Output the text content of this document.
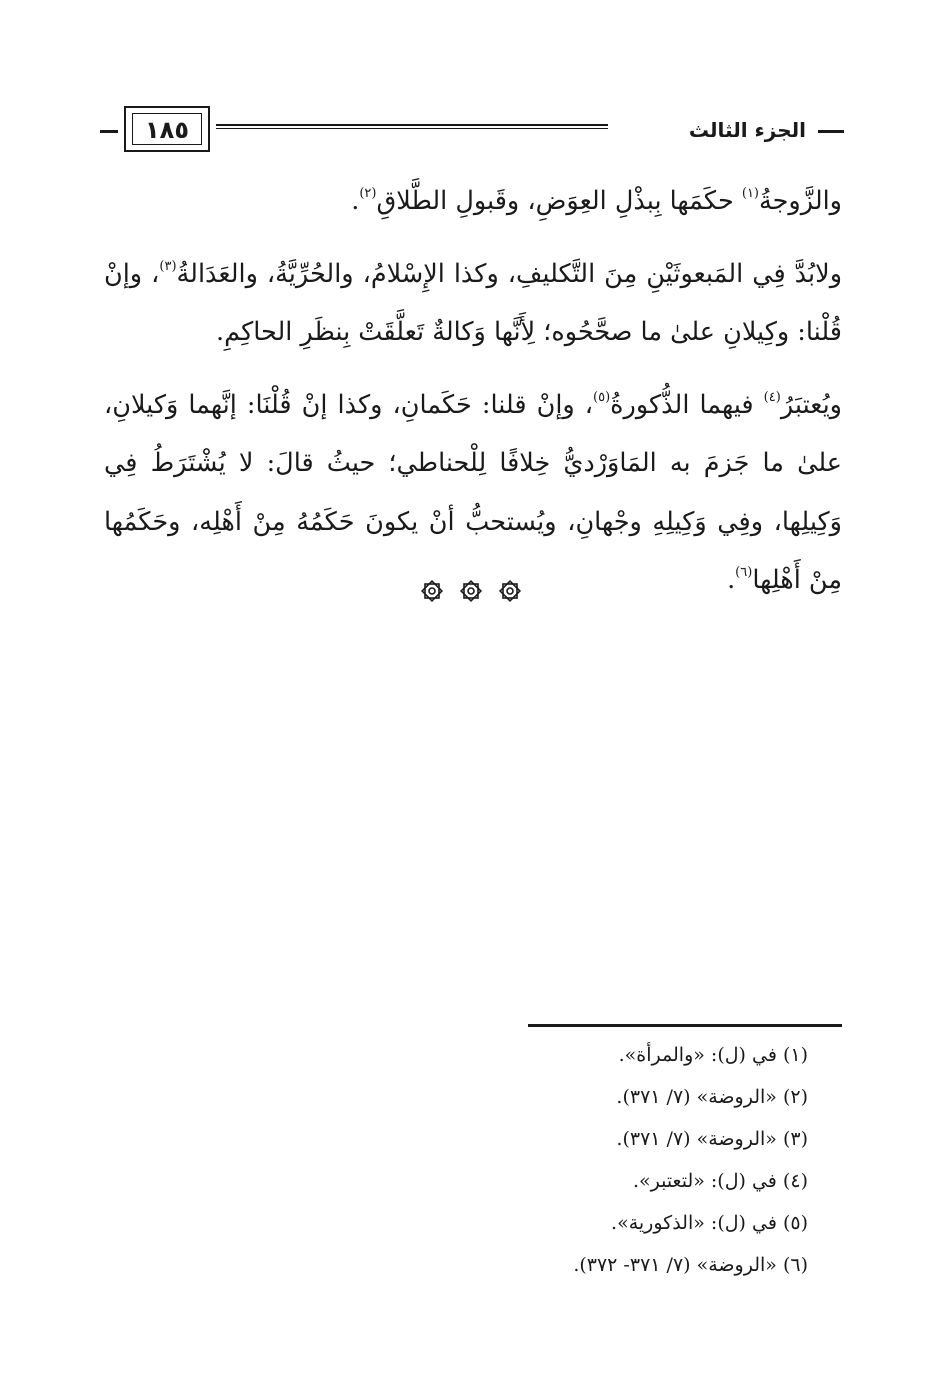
الجزء الثالث
١٨٥

والزَّوجةُ$^{(١)}$ حكَمَها بِبذْلِ العِوَضِ، وقَبولِ الطَّلاقِ$^{(٢)}$.

ولابُدَّ فِي المَبعوثَيْنِ مِنَ التَّكليفِ، وكذا الإِسْلامُ، والحُرِّيَّةُ، والعَدَالةُ$^{(٣)}$، وإنْ قُلْنا: وكِيلانِ علىٰ ما صحَّحُوه؛ لِأَنَّها وَكالةٌ تَعلَّقَتْ بِنظَرِ الحاكِمِ.

ويُعتبَرُ$^{(٤)}$ فيهما الذُّكورةُ$^{(٥)}$، وإنْ قلنا: حَكَمانِ، وكذا إنْ قُلْنَا: إنَّهما وَكيلانِ، علىٰ ما جَزمَ به المَاوَرْديُّ خِلافًا لِلْحناطي؛ حيثُ قالَ: لا يُشْتَرَطُ فِي وَكِيلِها، وفِي وَكِيلِهِ وجْهانِ، ويُستحبُّ أنْ يكونَ حَكَمُهُ مِنْ أَهْلِه، وحَكَمُها مِنْ أَهْلِها$^{(٦)}$.

(١) في (ل): «والمرأة».

(٢) «الروضة» (٧/ ٣٧١).

(٣) «الروضة» (٧/ ٣٧١).

(٤) في (ل): «لتعتبر».

(٥) في (ل): «الذكورية».

(٦) «الروضة» (٧/ ٣٧١- ٣٧٢).
